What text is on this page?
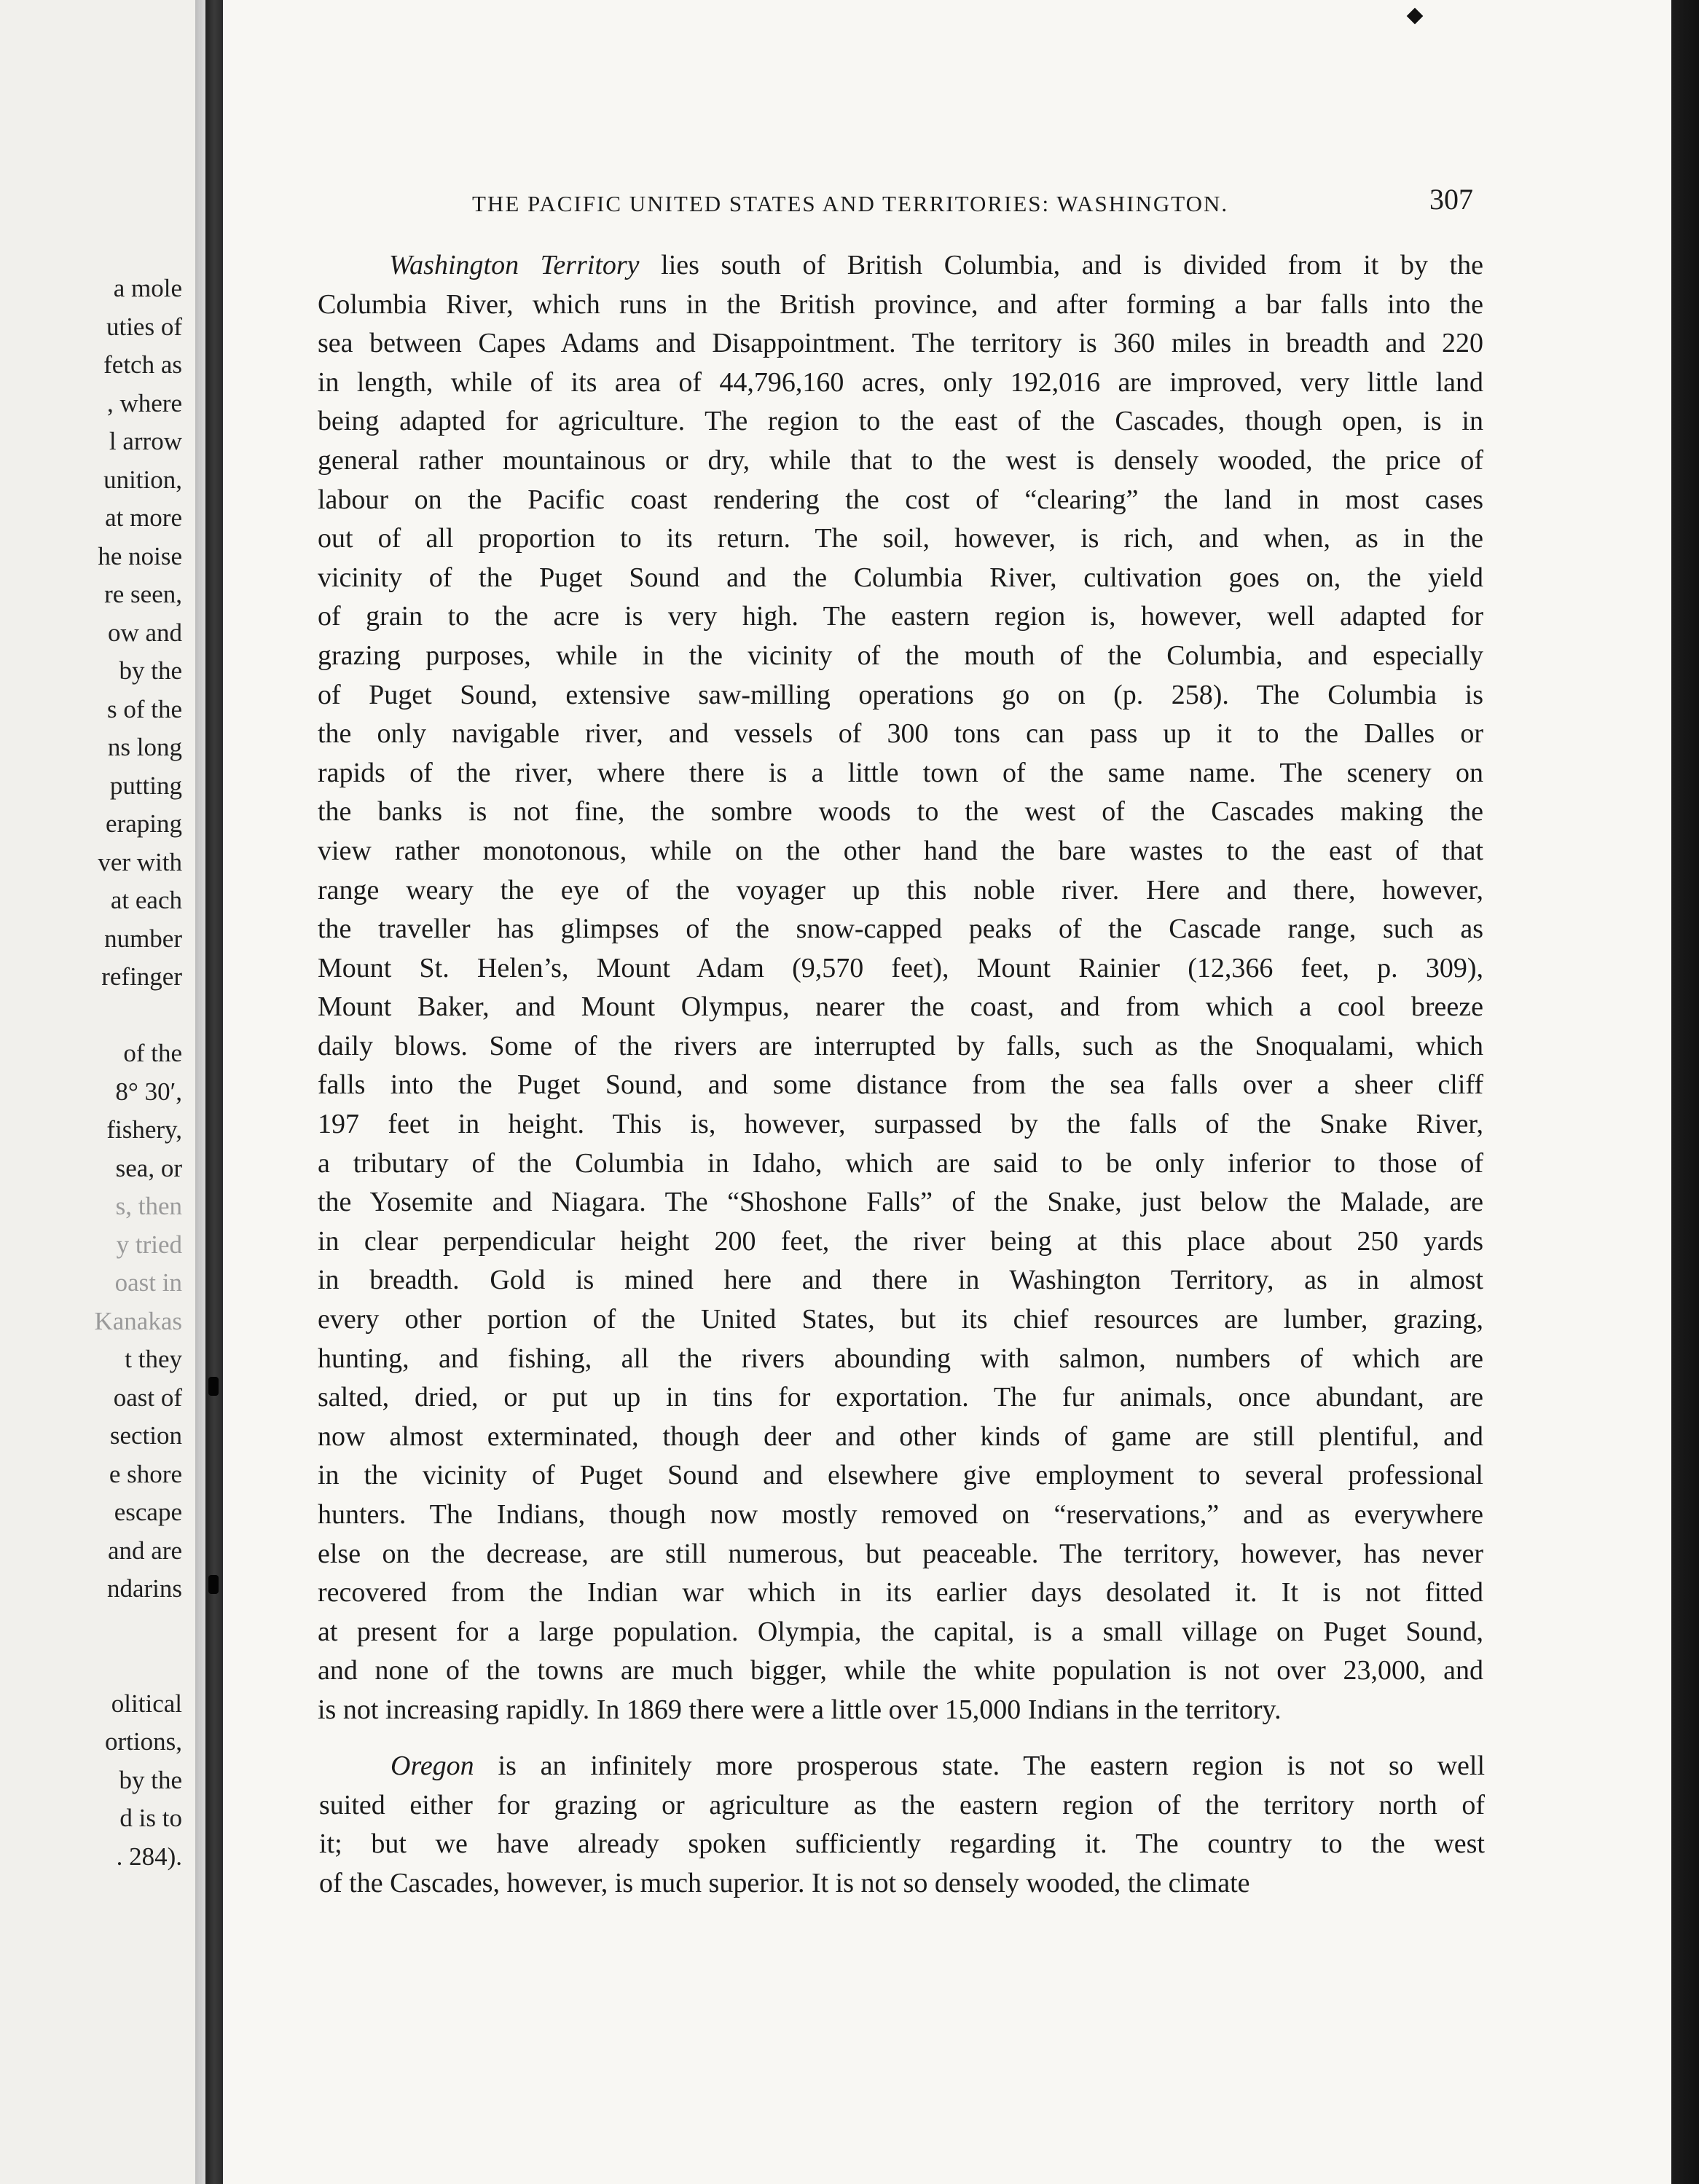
a mole
uties of
fetch as
, where
l arrow
unition,
at more
he noise
re seen,
ow and
by the
s of the
ns long
putting
eraping
ver with
at each
number
refinger
of the
8° 30′,
fishery,
sea, or
s, then
y tried
oast in
Kanakas
t they
oast of
section
e shore
escape
and are
ndarins
olitical
ortions,
by the
d is to
. 284).
THE PACIFIC UNITED STATES AND TERRITORIES: WASHINGTON.	307
Washington Territory lies south of British Columbia, and is divided from it by the
Columbia River, which runs in the British province, and after forming a bar falls into the
sea between Capes Adams and Disappointment. The territory is 360 miles in breadth and 220
in length, while of its area of 44,796,160 acres, only 192,016 are improved, very little land
being adapted for agriculture. The region to the east of the Cascades, though open, is in
general rather mountainous or dry, while that to the west is densely wooded, the price of
labour on the Pacific coast rendering the cost of “clearing” the land in most cases
out of all proportion to its return. The soil, however, is rich, and when, as in the
vicinity of the Puget Sound and the Columbia River, cultivation goes on, the yield
of grain to the acre is very high. The eastern region is, however, well adapted for
grazing purposes, while in the vicinity of the mouth of the Columbia, and especially
of Puget Sound, extensive saw-milling operations go on (p. 258). The Columbia is
the only navigable river, and vessels of 300 tons can pass up it to the Dalles or
rapids of the river, where there is a little town of the same name. The scenery on
the banks is not fine, the sombre woods to the west of the Cascades making the
view rather monotonous, while on the other hand the bare wastes to the east of that
range weary the eye of the voyager up this noble river. Here and there, however,
the traveller has glimpses of the snow-capped peaks of the Cascade range, such as
Mount St. Helen’s, Mount Adam (9,570 feet), Mount Rainier (12,366 feet, p. 309),
Mount Baker, and Mount Olympus, nearer the coast, and from which a cool breeze
daily blows. Some of the rivers are interrupted by falls, such as the Snoqualami, which
falls into the Puget Sound, and some distance from the sea falls over a sheer cliff
197 feet in height. This is, however, surpassed by the falls of the Snake River,
a tributary of the Columbia in Idaho, which are said to be only inferior to those of
the Yosemite and Niagara. The “Shoshone Falls” of the Snake, just below the Malade, are
in clear perpendicular height 200 feet, the river being at this place about 250 yards
in breadth. Gold is mined here and there in Washington Territory, as in almost
every other portion of the United States, but its chief resources are lumber, grazing,
hunting, and fishing, all the rivers abounding with salmon, numbers of which are
salted, dried, or put up in tins for exportation. The fur animals, once abundant, are
now almost exterminated, though deer and other kinds of game are still plentiful, and
in the vicinity of Puget Sound and elsewhere give employment to several professional
hunters. The Indians, though now mostly removed on “reservations,” and as everywhere
else on the decrease, are still numerous, but peaceable. The territory, however, has never
recovered from the Indian war which in its earlier days desolated it. It is not fitted
at present for a large population. Olympia, the capital, is a small village on Puget Sound,
and none of the towns are much bigger, while the white population is not over 23,000, and
is not increasing rapidly. In 1869 there were a little over 15,000 Indians in the territory.
Oregon is an infinitely more prosperous state. The eastern region is not so well
suited either for grazing or agriculture as the eastern region of the territory north of
it; but we have already spoken sufficiently regarding it. The country to the west
of the Cascades, however, is much superior. It is not so densely wooded, the climate
